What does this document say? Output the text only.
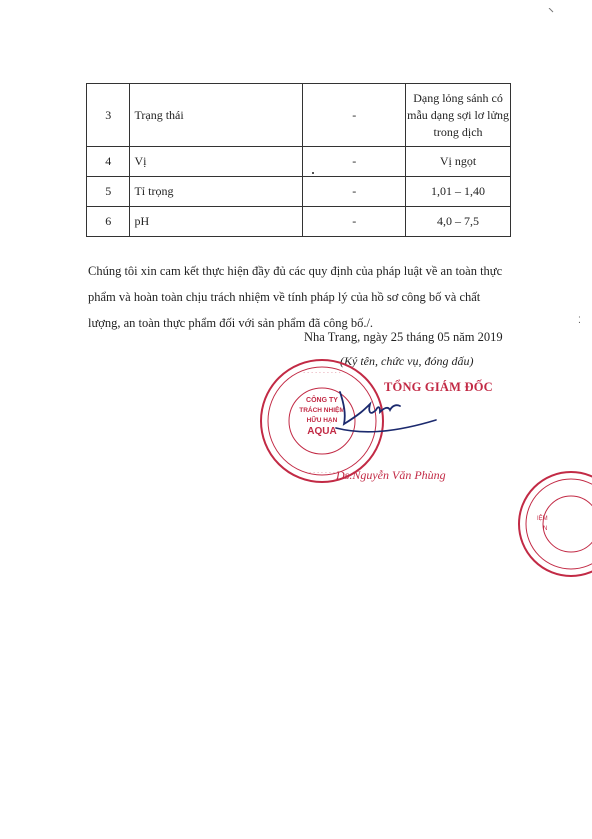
3	Trạng thái	-	Dạng lỏng sánh có mẫu dạng sợi lơ lửng trong dịch
4	Vị	-	Vị ngọt
5	Tỉ trọng	-	1,01 – 1,40
6	pH	-	4,0 – 7,5

Chúng tôi xin cam kết thực hiện đầy đủ các quy định của pháp luật về an toàn thực phẩm và hoàn toàn chịu trách nhiệm về tính pháp lý của hồ sơ công bố và chất lượng, an toàn thực phẩm đối với sản phẩm đã công bố./.

Nha Trang, ngày 25 tháng 05 năm 2019
(Ký tên, chức vụ, đóng dấu)
· · · · · · · · · ·
· · · · · · · · ·
CÔNG TY
TRÁCH NHIỆM
HỮU HẠN
AQUA
TỔNG GIÁM ĐỐC
Ds.Nguyễn Văn Phùng
IỆM
N
⁚
